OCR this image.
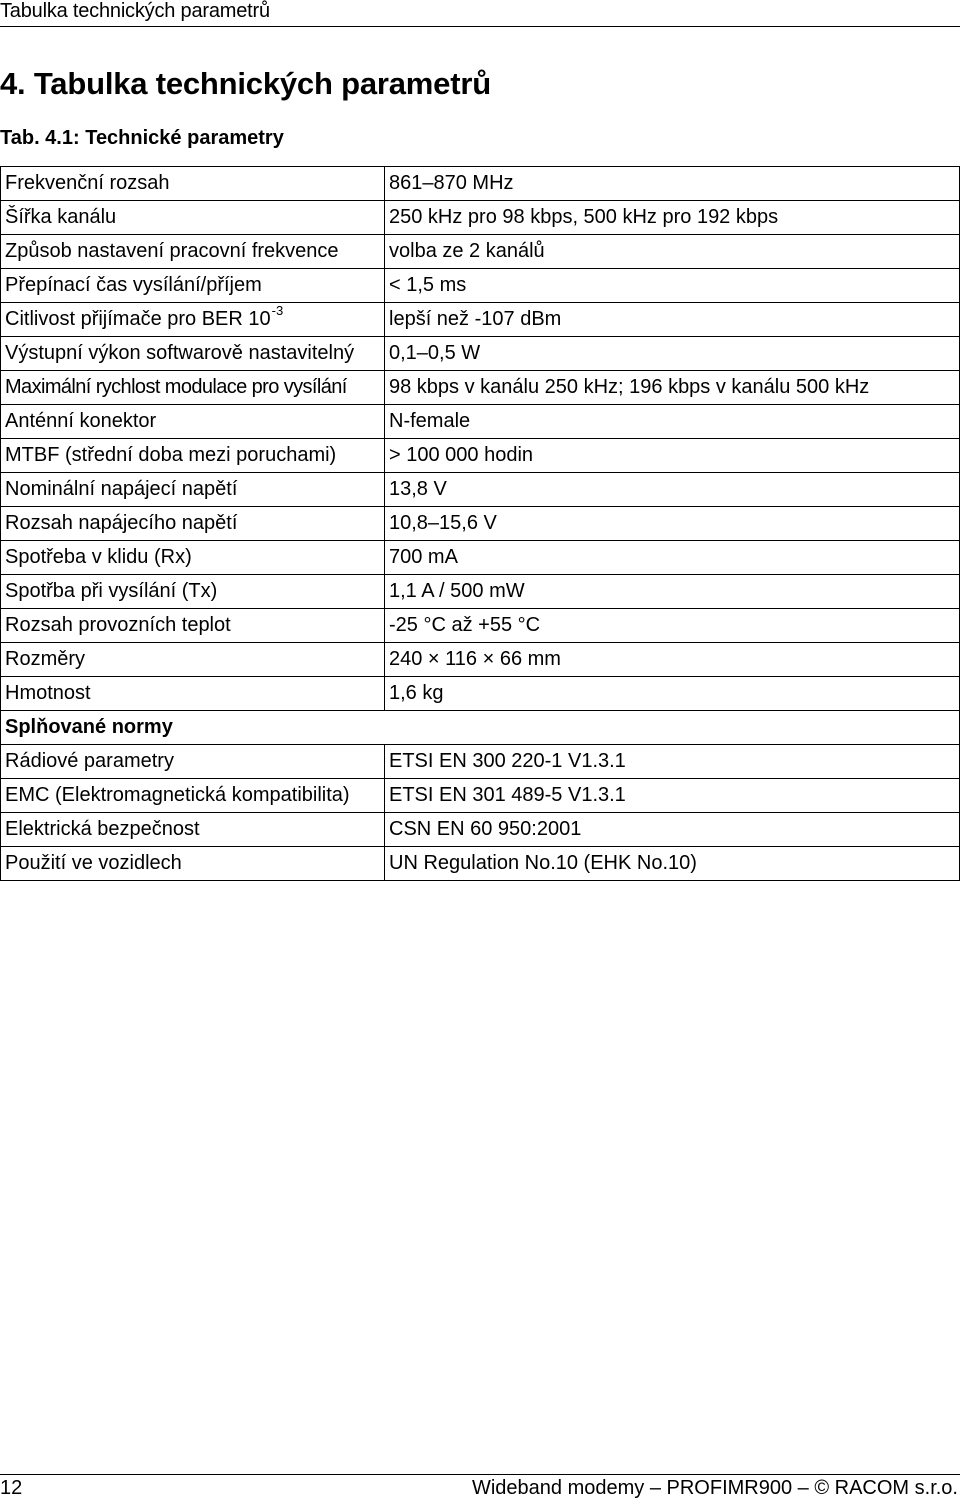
Tabulka technických parametrů
4. Tabulka technických parametrů

Tab. 4.1: Technické parametry

Frekvenční rozsah	861–870 MHz
Šířka kanálu	250 kHz pro 98 kbps, 500 kHz pro 192 kbps
Způsob nastavení pracovní frekvence	volba ze 2 kanálů
Přepínací čas vysílání/příjem	< 1,5 ms
Citlivost přijímače pro BER $10^{-3}$	lepší než -107 dBm
Výstupní výkon softwarově nastavitelný	0,1–0,5 W
Maximální rychlost modulace pro vysílání	98 kbps v kanálu 250 kHz; 196 kbps v kanálu 500 kHz
Anténní konektor	N-female
MTBF (střední doba mezi poruchami)	> 100 000 hodin
Nominální napájecí napětí	13,8 V
Rozsah napájecího napětí	10,8–15,6 V
Spotřeba v klidu (Rx)	700 mA
Spotřba při vysílání (Tx)	1,1 A / 500 mW
Rozsah provozních teplot	-25 °C až +55 °C
Rozměry	240 × 116 × 66 mm
Hmotnost	1,6 kg
Splňované normy	
Rádiové parametry	ETSI EN 300 220-1 V1.3.1
EMC (Elektromagnetická kompatibilita)	ETSI EN 301 489-5 V1.3.1
Elektrická bezpečnost	CSN EN 60 950:2001
Použití ve vozidlech	UN Regulation No.10 (EHK No.10)
12	Wideband modemy – PROFIMR900 – © RACOM s.r.o.
